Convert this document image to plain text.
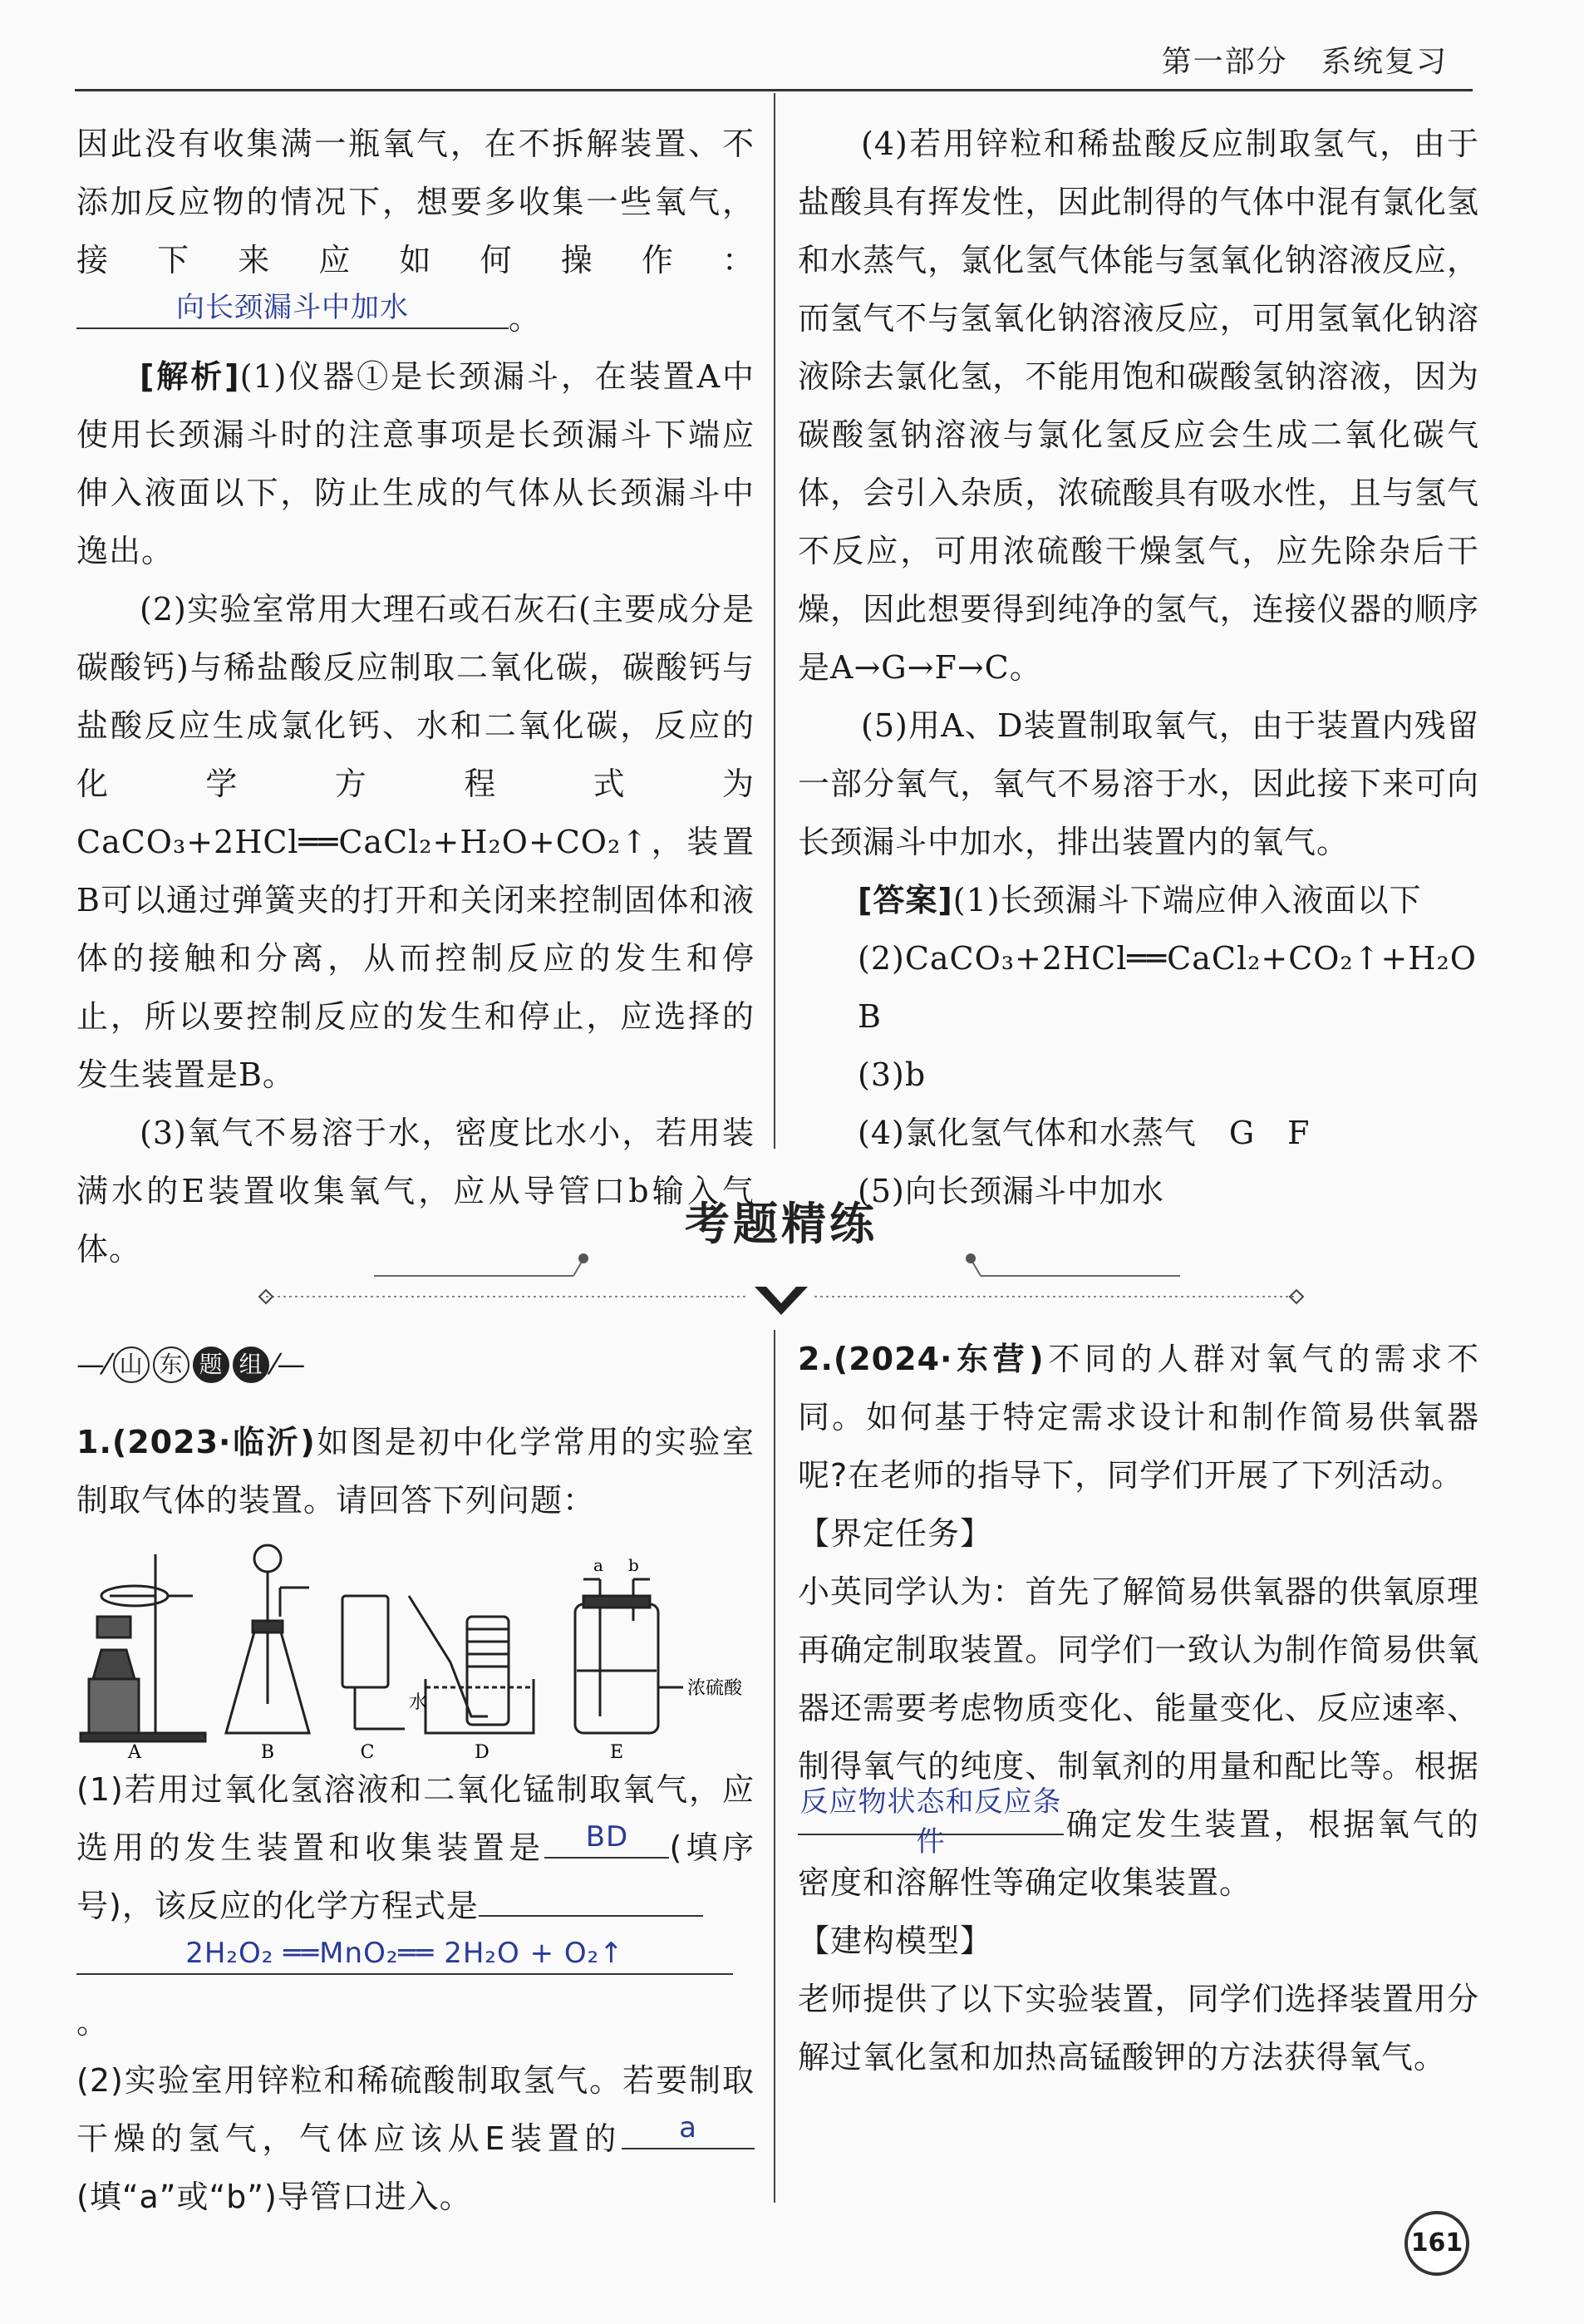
第一部分 系统复习

因此没有收集满一瓶氧气，在不拆解装置、不添加反应物的情况下，想要多收集一些氧气，接下来应如何操作：
向长颈漏斗中加水	。

[解析](1)仪器①是长颈漏斗，在装置A中使用长颈漏斗时的注意事项是长颈漏斗下端应伸入液面以下，防止生成的气体从长颈漏斗中逸出。

(2)实验室常用大理石或石灰石(主要成分是碳酸钙)与稀盐酸反应制取二氧化碳，碳酸钙与盐酸反应生成氯化钙、水和二氧化碳，反应的化学方程式为CaCO₃+2HCl══CaCl₂+H₂O+CO₂↑，装置B可以通过弹簧夹的打开和关闭来控制固体和液体的接触和分离，从而控制反应的发生和停止，所以要控制反应的发生和停止，应选择的发生装置是B。

(3)氧气不易溶于水，密度比水小，若用装满水的E装置收集氧气，应从导管口b输入气体。

(4)若用锌粒和稀盐酸反应制取氢气，由于盐酸具有挥发性，因此制得的气体中混有氯化氢和水蒸气，氯化氢气体能与氢氧化钠溶液反应，而氢气不与氢氧化钠溶液反应，可用氢氧化钠溶液除去氯化氢，不能用饱和碳酸氢钠溶液，因为碳酸氢钠溶液与氯化氢反应会生成二氧化碳气体，会引入杂质，浓硫酸具有吸水性，且与氢气不反应，可用浓硫酸干燥氢气，应先除杂后干燥，因此想要得到纯净的氢气，连接仪器的顺序是A→G→F→C。

(5)用A、D装置制取氧气，由于装置内残留一部分氧气，氧气不易溶于水，因此接下来可向长颈漏斗中加水，排出装置内的氧气。

[答案](1)长颈漏斗下端应伸入液面以下

(2)CaCO₃+2HCl══CaCl₂+CO₂↑+H₂O　B

(3)b

(4)氯化氢气体和水蒸气　G　F

(5)向长颈漏斗中加水

考题精练
—⁄ 山 东 题 组 ⁄—

1.(2023·临沂)如图是初中化学常用的实验室制取气体的装置。请回答下列问题：

A	B	C	D	E
水
浓硫酸
a b

(1)若用过氧化氢溶液和二氧化锰制取氧气，应选用的发生装置和收集装置是	BD	(填序号)，该反应的化学方程式是

2H₂O₂ ══MnO₂══ 2H₂O + O₂↑
。

(2)实验室用锌粒和稀硫酸制取氢气。若要制取干燥的氢气，气体应该从E装置的	a
(填“a”或“b”)导管口进入。

2.(2024·东营)不同的人群对氧气的需求不同。如何基于特定需求设计和制作简易供氧器呢?在老师的指导下，同学们开展了下列活动。

【界定任务】

小英同学认为：首先了解简易供氧器的供氧原理再确定制取装置。同学们一致认为制作简易供氧器还需要考虑物质变化、能量变化、反应速率、制得氧气的纯度、制氧剂的用量和配比等。根据
反应物状态和反应条件	确定发生装置，根据氧气的密度和溶解性等确定收集装置。

【建构模型】

老师提供了以下实验装置，同学们选择装置用分解过氧化氢和加热高锰酸钾的方法获得氧气。

161
